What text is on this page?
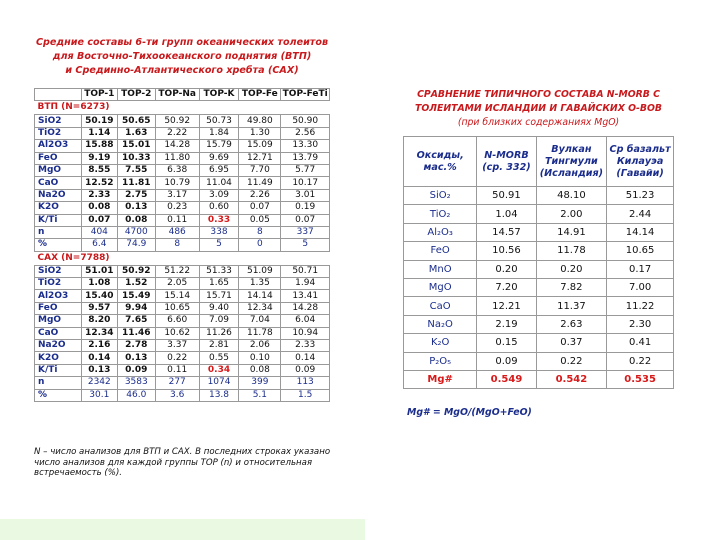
Средние составы 6-ти групп океанических толеитов
для Восточно-Тихоокеанского поднятия (ВТП)
и Срединно-Атлантического хребта (САХ)
	TOP-1	TOP-2	TOP-Na	TOP-K	TOP-Fe	TOP-FeTi
ВТП (N=6273)						
SiO2	50.19	50.65	50.92	50.73	49.80	50.90
TiO2	1.14	1.63	2.22	1.84	1.30	2.56
Al2O3	15.88	15.01	14.28	15.79	15.09	13.30
FeO	9.19	10.33	11.80	9.69	12.71	13.79
MgO	8.55	7.55	6.38	6.95	7.70	5.77
CaO	12.52	11.81	10.79	11.04	11.49	10.17
Na2O	2.33	2.75	3.17	3.09	2.26	3.01
K2O	0.08	0.13	0.23	0.60	0.07	0.19
K/Ti	0.07	0.08	0.11	0.33	0.05	0.07
n	404	4700	486	338	8	337
%	6.4	74.9	8	5	0	5
САХ (N=7788)						
SiO2	51.01	50.92	51.22	51.33	51.09	50.71
TiO2	1.08	1.52	2.05	1.65	1.35	1.94
Al2O3	15.40	15.49	15.14	15.71	14.14	13.41
FeO	9.57	9.94	10.65	9.40	12.34	14.28
MgO	8.20	7.65	6.60	7.09	7.04	6.04
CaO	12.34	11.46	10.62	11.26	11.78	10.94
Na2O	2.16	2.78	3.37	2.81	2.06	2.33
K2O	0.14	0.13	0.22	0.55	0.10	0.14
K/Ti	0.13	0.09	0.11	0.34	0.08	0.09
n	2342	3583	277	1074	399	113
%	30.1	46.0	3.6	13.8	5.1	1.5
N – число анализов для ВТП и САХ. В последних строках указано число анализов для каждой группы ТОР (n) и относительная встречаемость (%).
СРАВНЕНИЕ ТИПИЧНОГО СОСТАВА N-MORB С
ТОЛЕИТАМИ ИСЛАНДИИ И ГАВАЙСКИХ О-ВОВ
(при близких содержаниях MgO)
Оксиды, мас.%	N-MORB (ср. 332)	Вулкан Тингмули (Исландия)	Ср базальт Килауэа (Гавайи)
SiO₂	50.91	48.10	51.23
TiO₂	1.04	2.00	2.44
Al₂O₃	14.57	14.91	14.14
FeO	10.56	11.78	10.65
MnO	0.20	0.20	0.17
MgO	7.20	7.82	7.00
CaO	12.21	11.37	11.22
Na₂O	2.19	2.63	2.30
K₂O	0.15	0.37	0.41
P₂O₅	0.09	0.22	0.22
Mg#	0.549	0.542	0.535
Mg# = MgO/(MgO+FeO)
